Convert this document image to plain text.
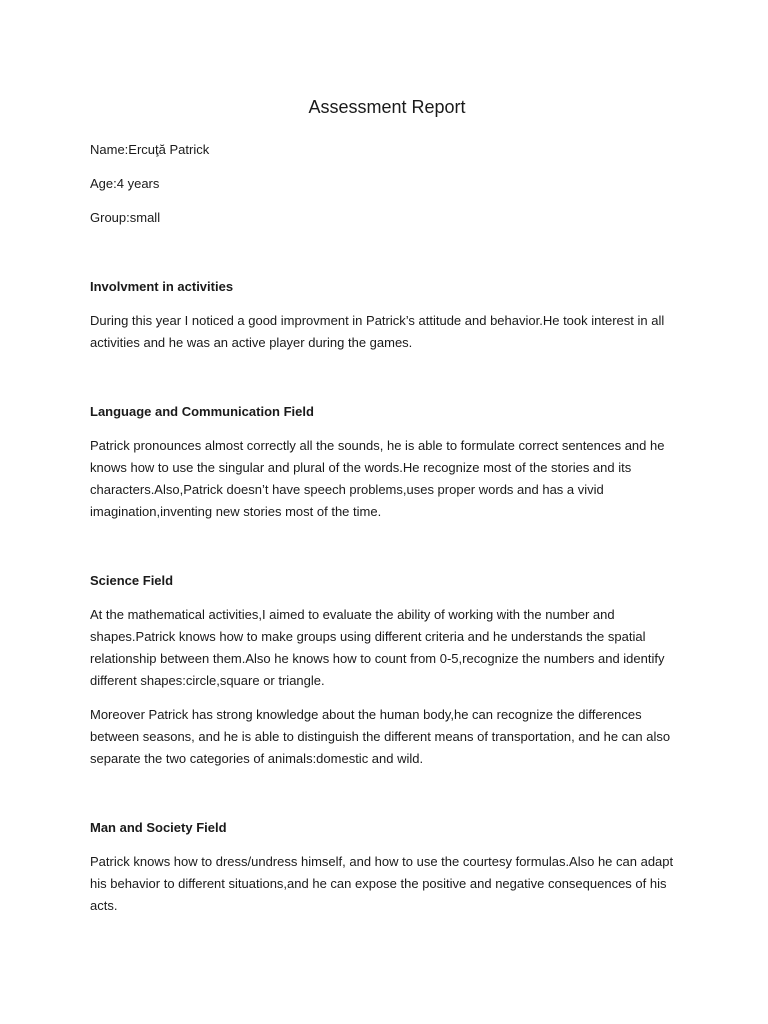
Assessment Report

Name:Ercuţă Patrick

Age:4 years

Group:small

Involvment in activities

During this year I noticed a good improvment in Patrick’s attitude and behavior.He took interest in all activities and he was an active player during the games.

Language and Communication Field

Patrick pronounces almost correctly all the sounds, he is able to formulate correct sentences and he knows how to use the singular and plural of the words.He recognize most of the stories and its characters.Also,Patrick doesn’t have speech problems,uses proper words and has a vivid imagination,inventing new stories most of the time.

Science Field

At the mathematical activities,I aimed to evaluate the ability of working with the number and shapes.Patrick knows how to make groups using different criteria and he understands the spatial relationship between them.Also he knows how to count from 0-5,recognize the numbers and identify different shapes:circle,square or triangle.

Moreover Patrick has strong knowledge about the human body,he can recognize the differences between seasons, and he is able to distinguish the different means of transportation, and he can also separate the two categories of animals:domestic and wild.

Man and Society Field

Patrick knows how to dress/undress himself, and how to use the courtesy formulas.Also he can adapt his behavior to different situations,and he can expose the positive and negative consequences of his acts.
